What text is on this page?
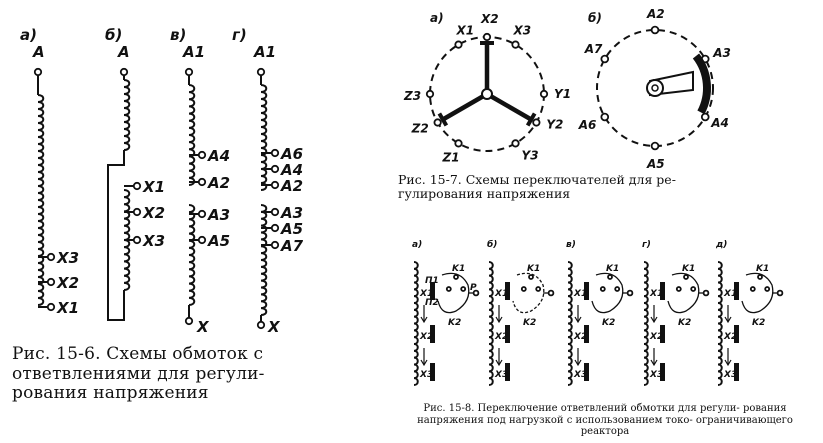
а)
A
X3
X2
X1
б)
A
X1
X2
X3
в)
A1
X
A4
A2
A3
A5
г)
A1
X
A6
A4
A2
A3
A5
A7
а)
X1
X2
X3
Y1
Y2
Y3
Z1
Z2
Z3
б)	A2
A3
A4
A5
A6
A7
а)
X1
X2
X3
K1
K2
б)
X1
X2
X3
K1
K2
в)
X1
X2
X3
K1
K2
г)
X1
X2
X3
K1
K2
д)
X1
X2
X3
K1
K2
П1
П2
P
Рис. 15-6. Схемы обмоток с ответвлениями для регули- рования напряжения
Рис. 15-7. Схемы переключателей для ре- гулирования напряжения
Рис. 15-8. Переключение ответвлений обмотки для регули- рования напряжения под нагрузкой с использованием токо- ограничивающего реактора
